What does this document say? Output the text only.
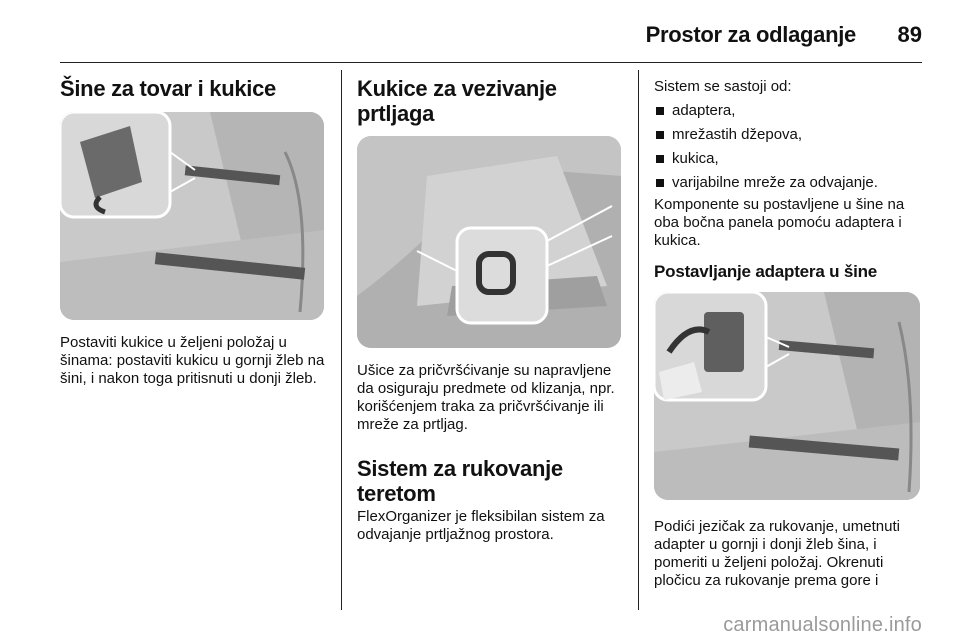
Prostor za odlaganje 89
Šine za tovar i kukice

Postaviti kukice u željeni položaj u šinama: postaviti kukicu u gornji žleb na šini, i nakon toga pritisnuti u donji žleb.

Kukice za vezivanje prtljaga

Ušice za pričvršćivanje su napravljene da osiguraju predmete od klizanja, npr. korišćenjem traka za pričvršćivanje ili mreže za prtljag.

Sistem za rukovanje teretom

FlexOrganizer je fleksibilan sistem za odvajanje prtljažnog prostora.

Sistem se sastoji od:

adaptera,
mrežastih džepova,
kukica,
varijabilne mreže za odvajanje.

Komponente su postavljene u šine na oba bočna panela pomoću adaptera i kukica.

Postavljanje adaptera u šine

Podići jezičak za rukovanje, umetnuti adapter u gornji i donji žleb šina, i pomeriti u željeni položaj. Okrenuti pločicu za rukovanje prema gore i

carmanualsonline.info
